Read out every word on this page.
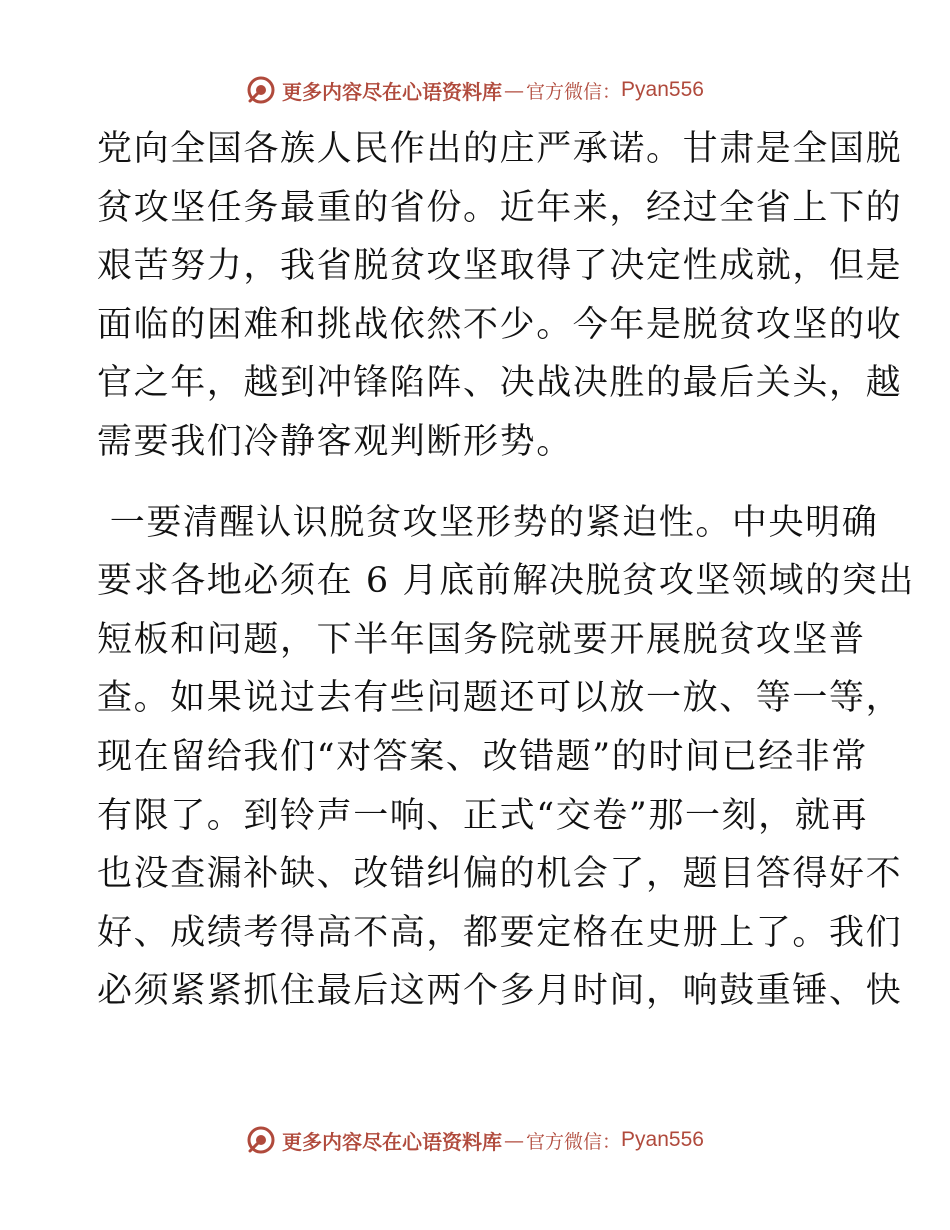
更多内容尽在心语资料库 — 官方微信： Pyan556
党向全国各族人民作出的庄严承诺。甘肃是全国脱
贫攻坚任务最重的省份。近年来，经过全省上下的
艰苦努力，我省脱贫攻坚取得了决定性成就，但是
面临的困难和挑战依然不少。今年是脱贫攻坚的收
官之年，越到冲锋陷阵、决战决胜的最后关头，越
需要我们冷静客观判断形势。
一要清醒认识脱贫攻坚形势的紧迫性。中央明确
要求各地必须在 6 月底前解决脱贫攻坚领域的突出
短板和问题，下半年国务院就要开展脱贫攻坚普
查。如果说过去有些问题还可以放一放、等一等，
现在留给我们“对答案、改错题”的时间已经非常
有限了。到铃声一响、正式“交卷”那一刻，就再
也没查漏补缺、改错纠偏的机会了，题目答得好不
好、成绩考得高不高，都要定格在史册上了。我们
必须紧紧抓住最后这两个多月时间，响鼓重锤、快
更多内容尽在心语资料库 — 官方微信： Pyan556
